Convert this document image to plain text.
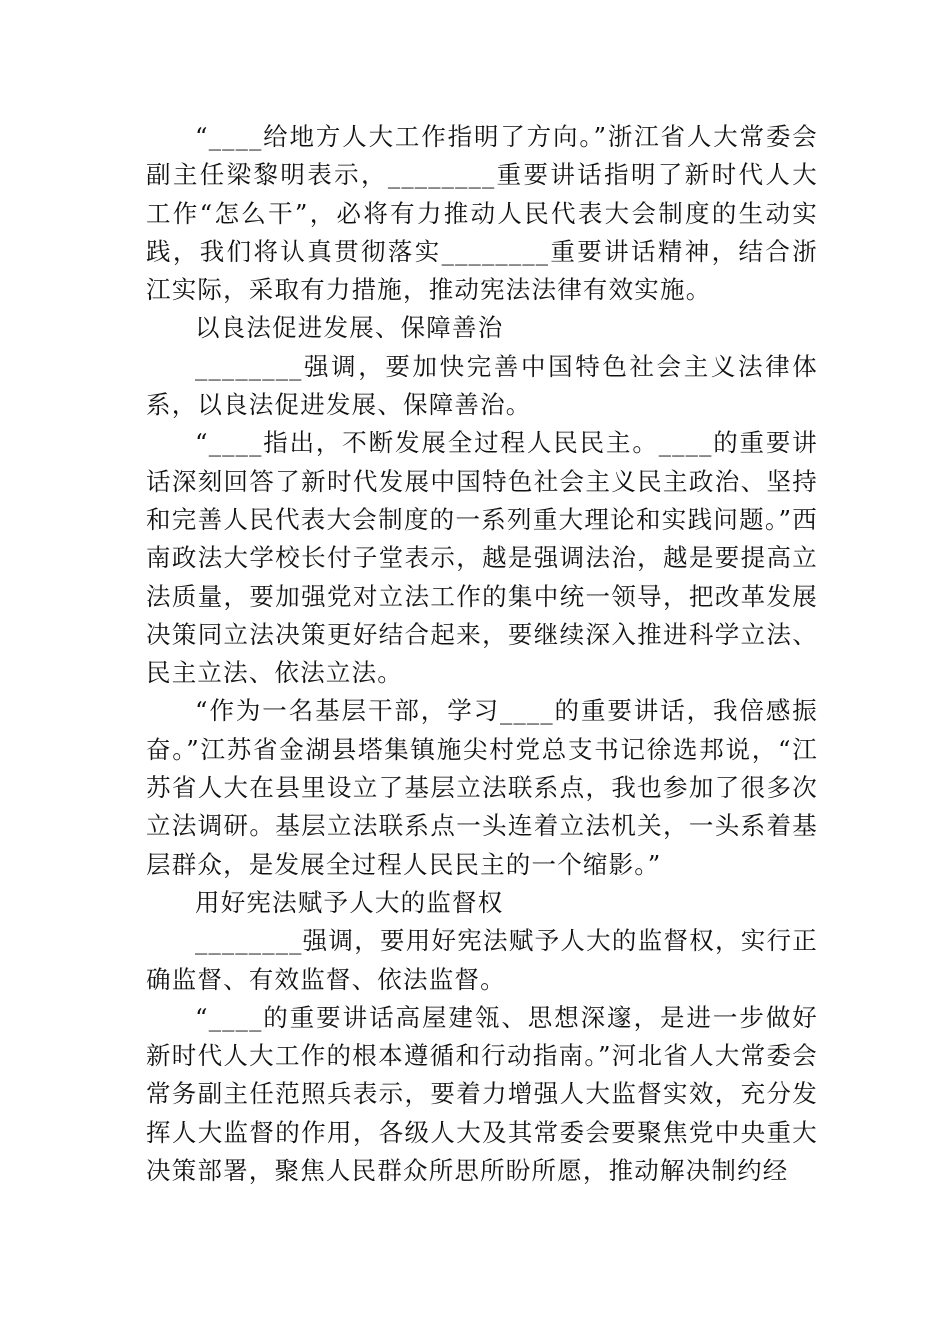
“____给地方人大工作指明了方向。”浙江省人大常委会副主任梁黎明表示，________重要讲话指明了新时代人大工作“怎么干”，必将有力推动人民代表大会制度的生动实践，我们将认真贯彻落实________重要讲话精神，结合浙江实际，采取有力措施，推动宪法法律有效实施。

以良法促进发展、保障善治

________强调，要加快完善中国特色社会主义法律体系，以良法促进发展、保障善治。

“____指出，不断发展全过程人民民主。____的重要讲话深刻回答了新时代发展中国特色社会主义民主政治、坚持和完善人民代表大会制度的一系列重大理论和实践问题。”西南政法大学校长付子堂表示，越是强调法治，越是要提高立法质量，要加强党对立法工作的集中统一领导，把改革发展决策同立法决策更好结合起来，要继续深入推进科学立法、民主立法、依法立法。

“作为一名基层干部，学习____的重要讲话，我倍感振奋。”江苏省金湖县塔集镇施尖村党总支书记徐选邦说，“江苏省人大在县里设立了基层立法联系点，我也参加了很多次立法调研。基层立法联系点一头连着立法机关，一头系着基层群众，是发展全过程人民民主的一个缩影。”

用好宪法赋予人大的监督权

________强调，要用好宪法赋予人大的监督权，实行正确监督、有效监督、依法监督。

“____的重要讲话高屋建瓴、思想深邃，是进一步做好新时代人大工作的根本遵循和行动指南。”河北省人大常委会常务副主任范照兵表示，要着力增强人大监督实效，充分发挥人大监督的作用，各级人大及其常委会要聚焦党中央重大决策部署，聚焦人民群众所思所盼所愿，推动解决制约经
